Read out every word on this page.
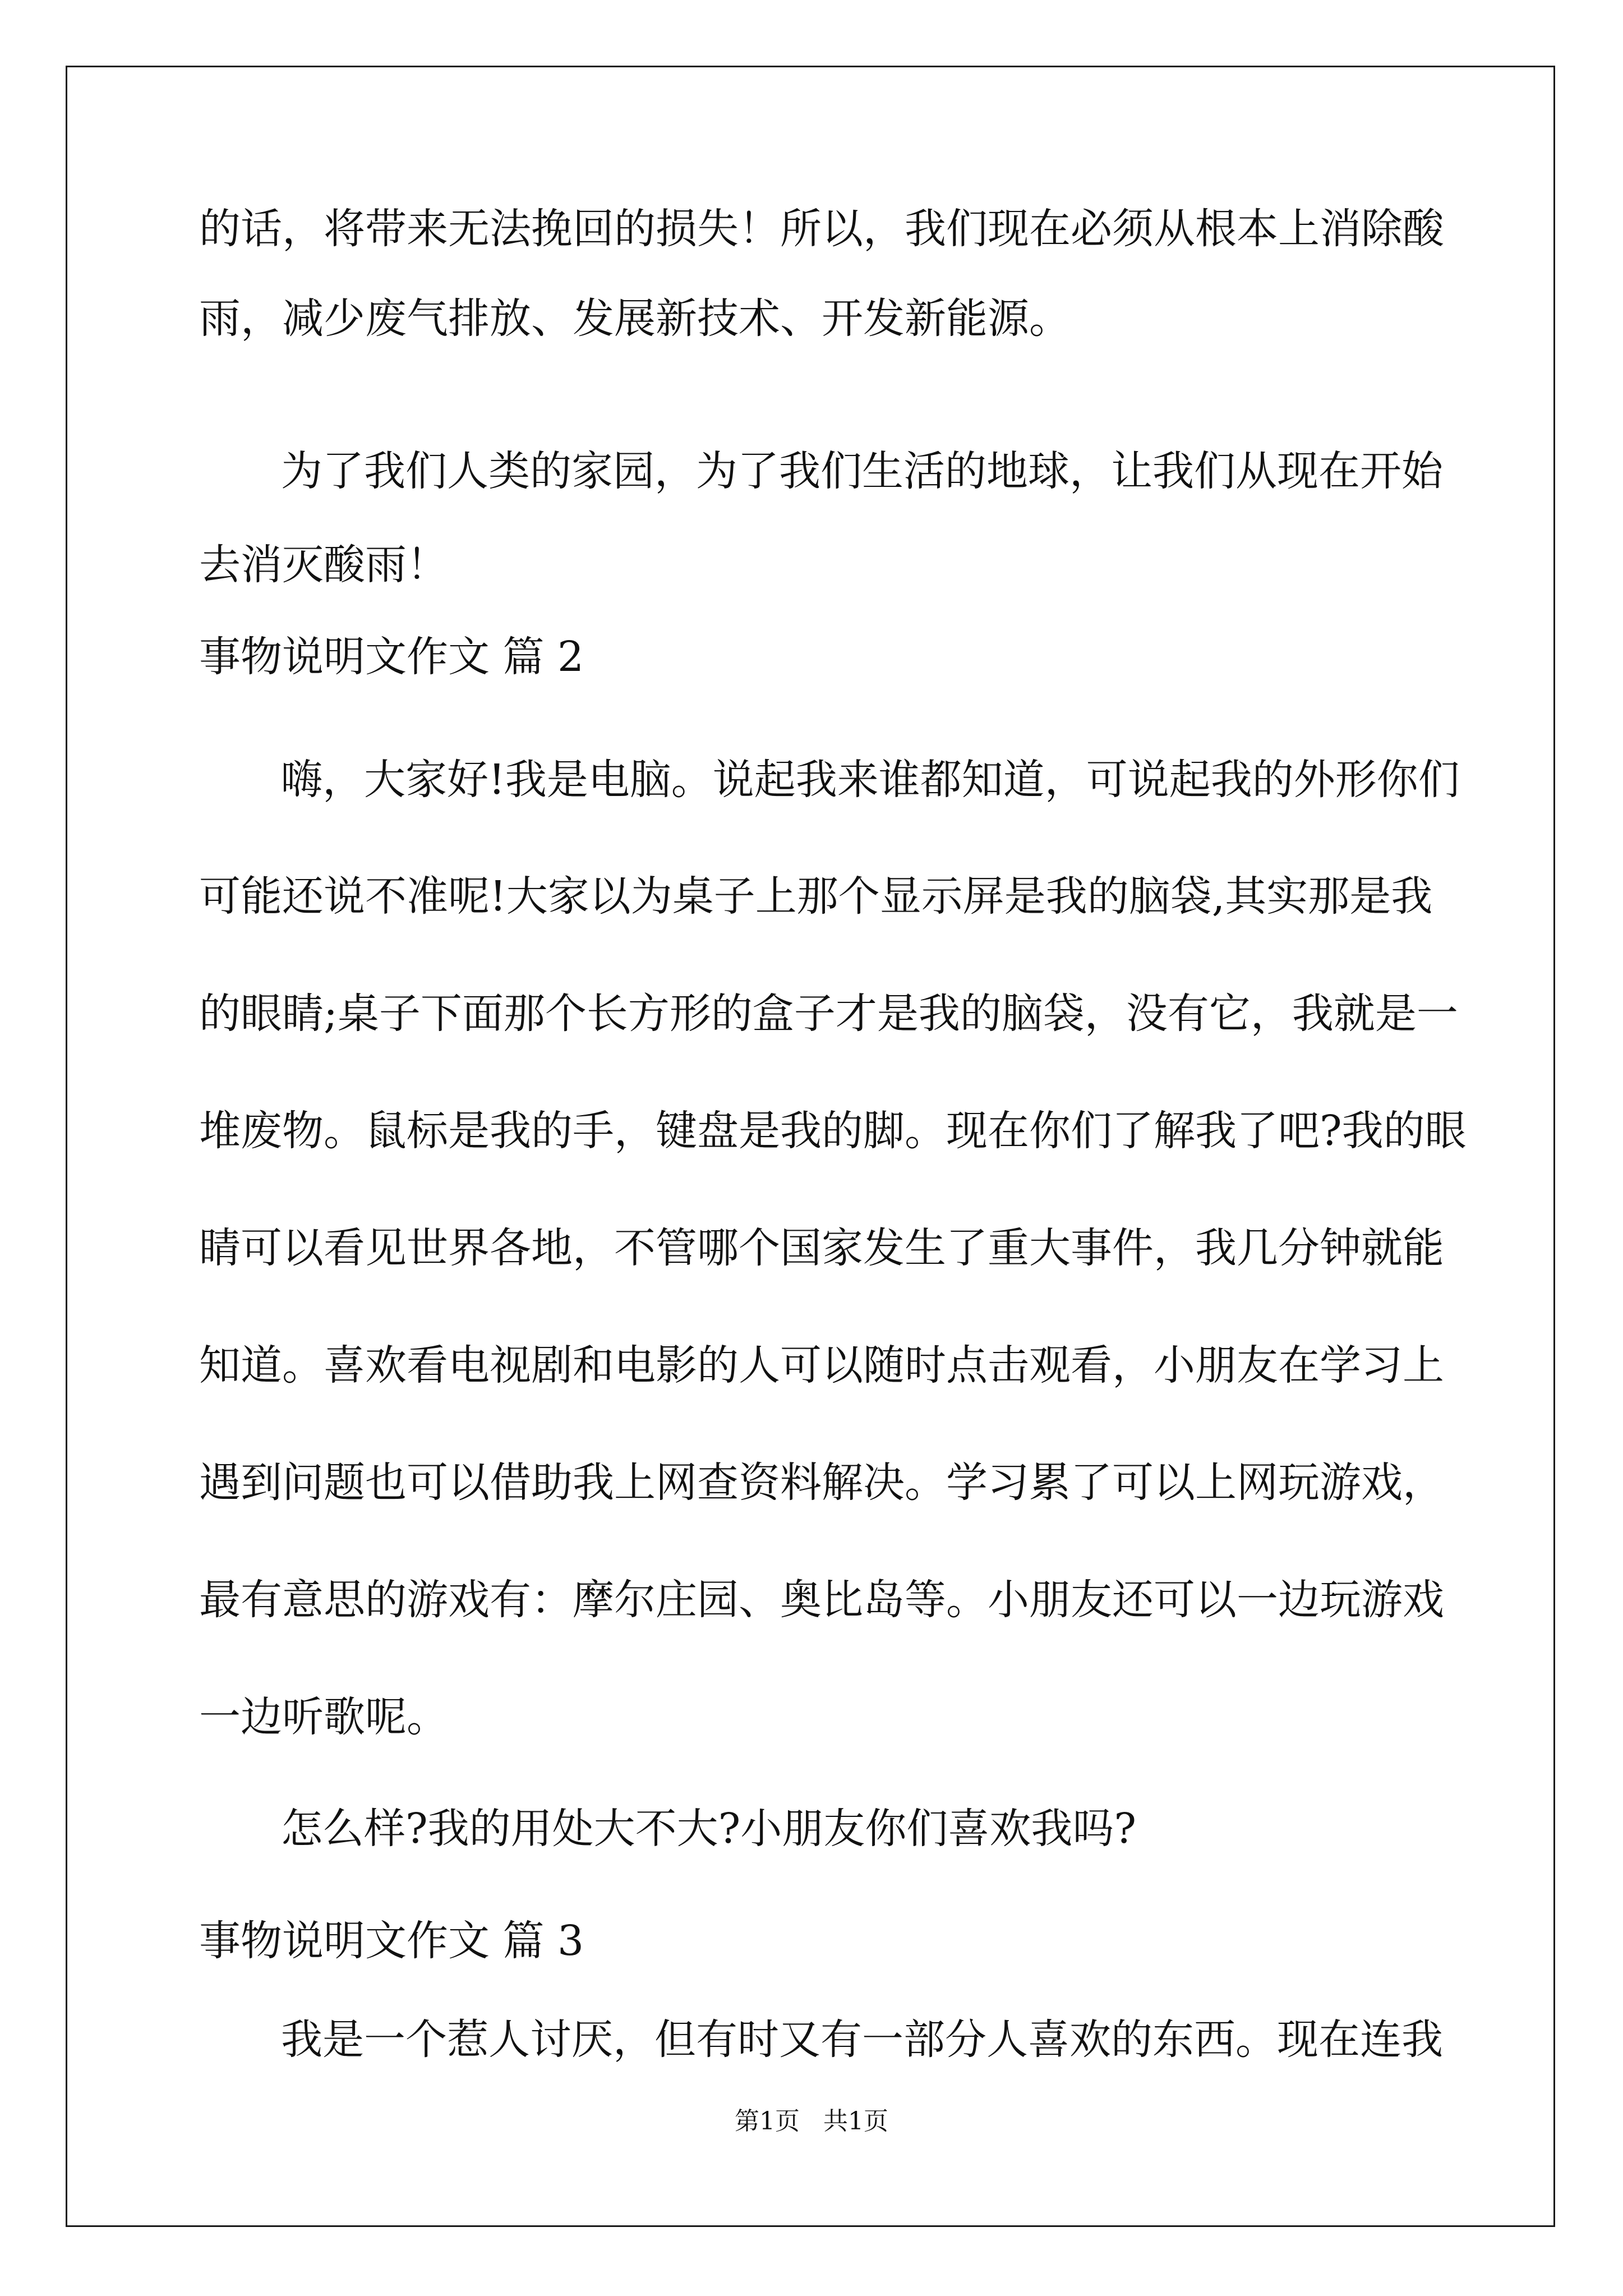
的话，将带来无法挽回的损失！所以，我们现在必须从根本上消除酸
雨，减少废气排放、发展新技术、开发新能源。
为了我们人类的家园，为了我们生活的地球，让我们从现在开始
去消灭酸雨！
事物说明文作文 篇 2
嗨，大家好!我是电脑。说起我来谁都知道，可说起我的外形你们
可能还说不准呢!大家以为桌子上那个显示屏是我的脑袋,其实那是我
的眼睛;桌子下面那个长方形的盒子才是我的脑袋，没有它，我就是一
堆废物。鼠标是我的手，键盘是我的脚。现在你们了解我了吧?我的眼
睛可以看见世界各地，不管哪个国家发生了重大事件，我几分钟就能
知道。喜欢看电视剧和电影的人可以随时点击观看，小朋友在学习上
遇到问题也可以借助我上网查资料解决。学习累了可以上网玩游戏，
最有意思的游戏有：摩尔庄园、奥比岛等。小朋友还可以一边玩游戏
一边听歌呢。
怎么样?我的用处大不大?小朋友你们喜欢我吗?
事物说明文作文 篇 3
我是一个惹人讨厌，但有时又有一部分人喜欢的东西。现在连我
第1页   共1页
